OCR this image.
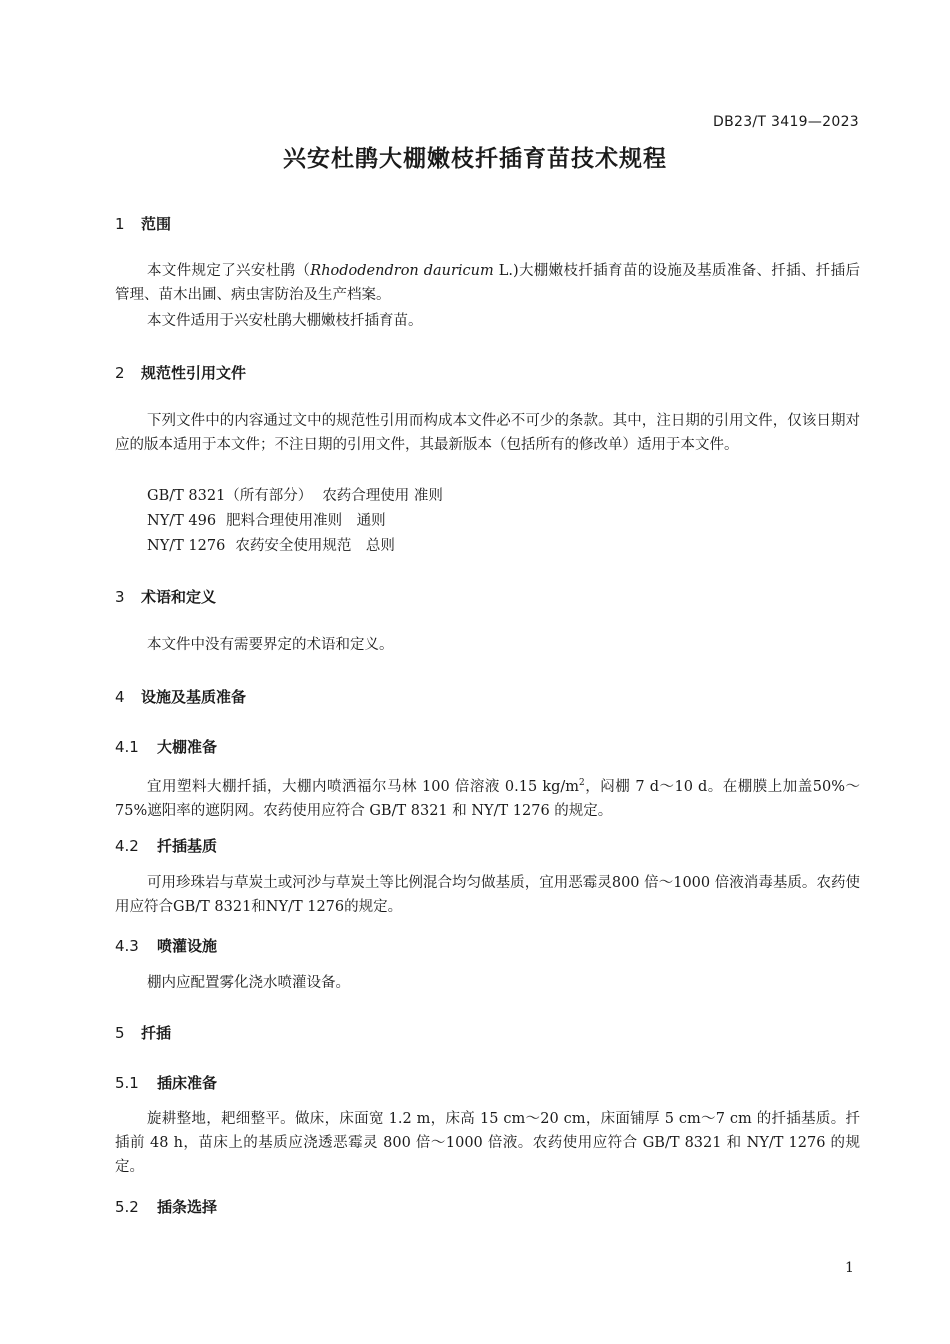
DB23/T 3419—2023
兴安杜鹃大棚嫩枝扦插育苗技术规程
1 范围
本文件规定了兴安杜鹃（Rhododendron dauricum L.)大棚嫩枝扦插育苗的设施及基质准备、扦插、扦插后管理、苗木出圃、病虫害防治及生产档案。
本文件适用于兴安杜鹃大棚嫩枝扦插育苗。
2 规范性引用文件
下列文件中的内容通过文中的规范性引用而构成本文件必不可少的条款。其中，注日期的引用文件，仅该日期对应的版本适用于本文件；不注日期的引用文件，其最新版本（包括所有的修改单）适用于本文件。
GB/T 8321（所有部分） 农药合理使用 准则
NY/T 496 肥料合理使用准则　通则
NY/T 1276 农药安全使用规范　总则
3 术语和定义
本文件中没有需要界定的术语和定义。
4 设施及基质准备
4.1 大棚准备
宜用塑料大棚扦插，大棚内喷洒福尔马林 100 倍溶液 0.15 $kg/m^2$，闷棚 7 d～10 d。在棚膜上加盖50%～75%遮阳率的遮阴网。农药使用应符合 GB/T 8321 和 NY/T 1276 的规定。
4.2 扦插基质
可用珍珠岩与草炭土或河沙与草炭土等比例混合均匀做基质，宜用恶霉灵800 倍～1000 倍液消毒基质。农药使用应符合GB/T 8321和NY/T 1276的规定。
4.3 喷灌设施
棚内应配置雾化浇水喷灌设备。
5 扦插
5.1 插床准备
旋耕整地，耙细整平。做床，床面宽 1.2 m，床高 15 cm～20 cm，床面铺厚 5 cm～7 cm 的扦插基质。扦插前 48 h，苗床上的基质应浇透恶霉灵 800 倍～1000 倍液。农药使用应符合 GB/T 8321 和 NY/T 1276 的规定。
5.2 插条选择
1
